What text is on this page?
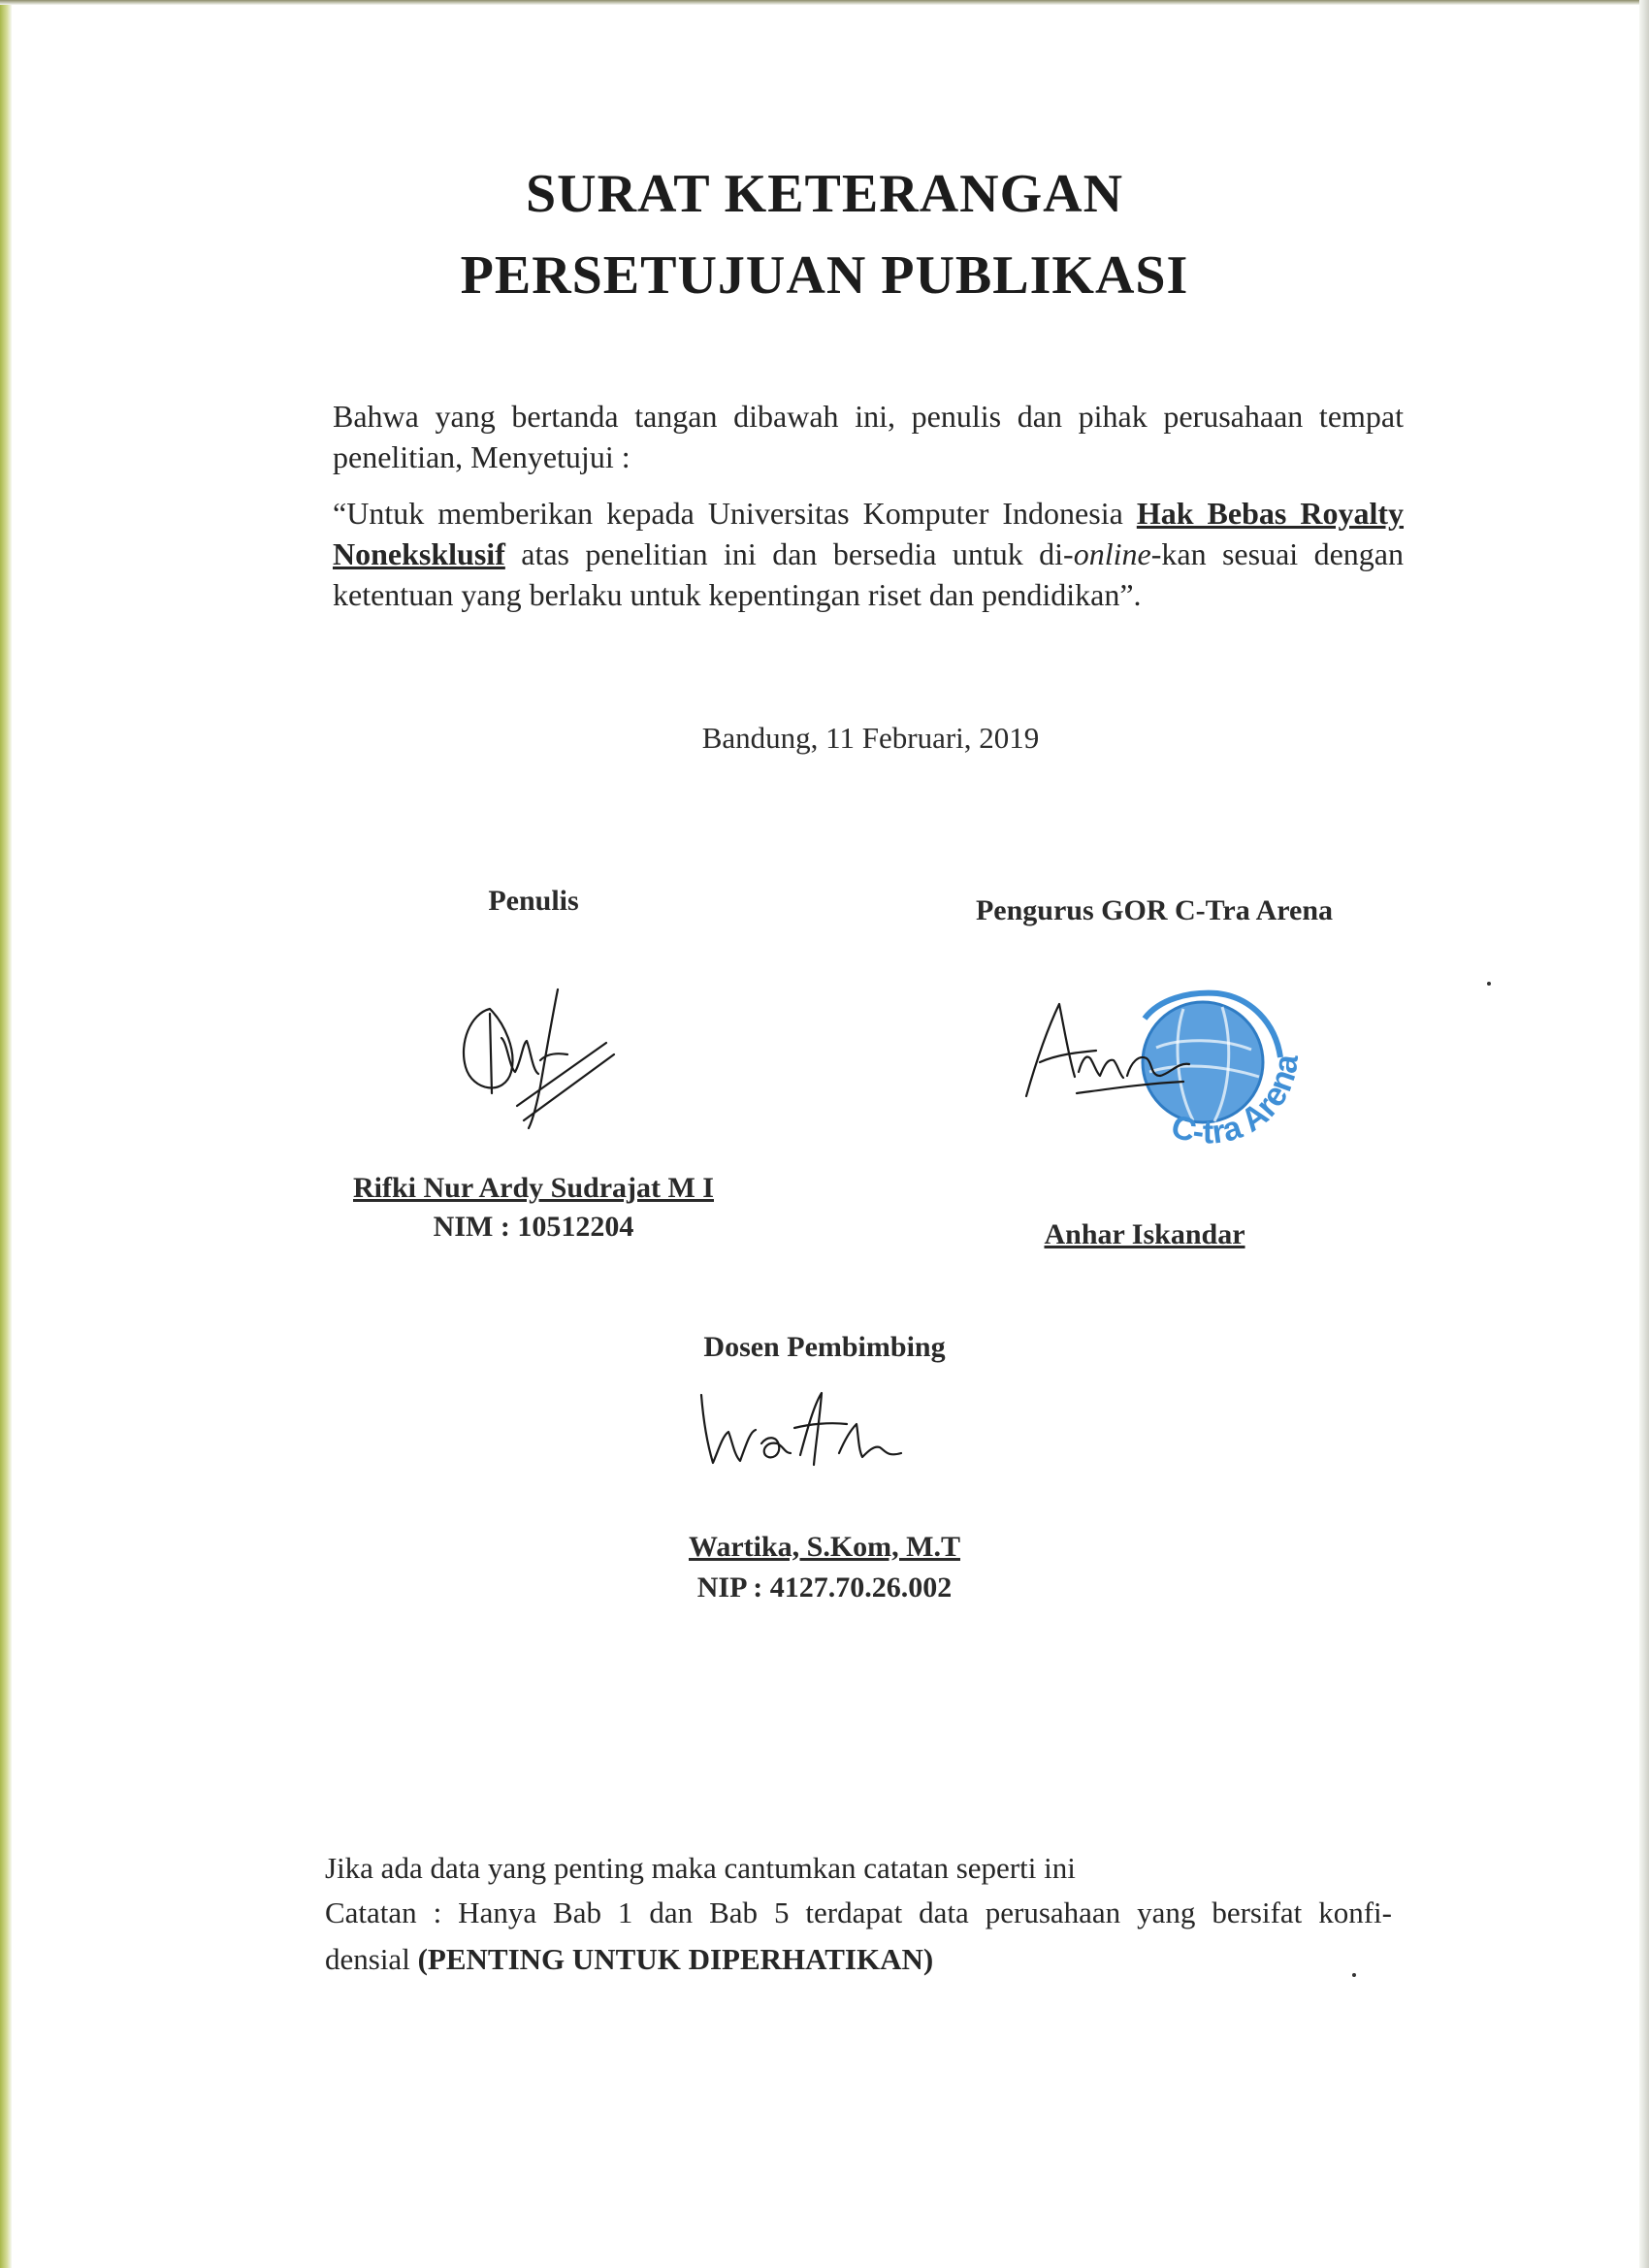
SURAT KETERANGAN
PERSETUJUAN PUBLIKASI
Bahwa yang bertanda tangan dibawah ini, penulis dan pihak perusahaan tempat
penelitian, Menyetujui :
“Untuk memberikan kepada Universitas Komputer Indonesia Hak Bebas Royalty
Noneksklusif atas penelitian ini dan bersedia untuk di-online-kan sesuai dengan
ketentuan yang berlaku untuk kepentingan riset dan pendidikan”.
Bandung, 11 Februari, 2019
Penulis
Rifki Nur Ardy Sudrajat M I
NIM : 10512204
Pengurus GOR C-Tra Arena
C-tra Arena
Anhar Iskandar
Dosen Pembimbing
Wartika, S.Kom, M.T
NIP : 4127.70.26.002
Jika ada data yang penting maka cantumkan catatan seperti ini
Catatan : Hanya Bab 1 dan Bab 5 terdapat data perusahaan yang bersifat konfi-
densial (PENTING UNTUK DIPERHATIKAN)
